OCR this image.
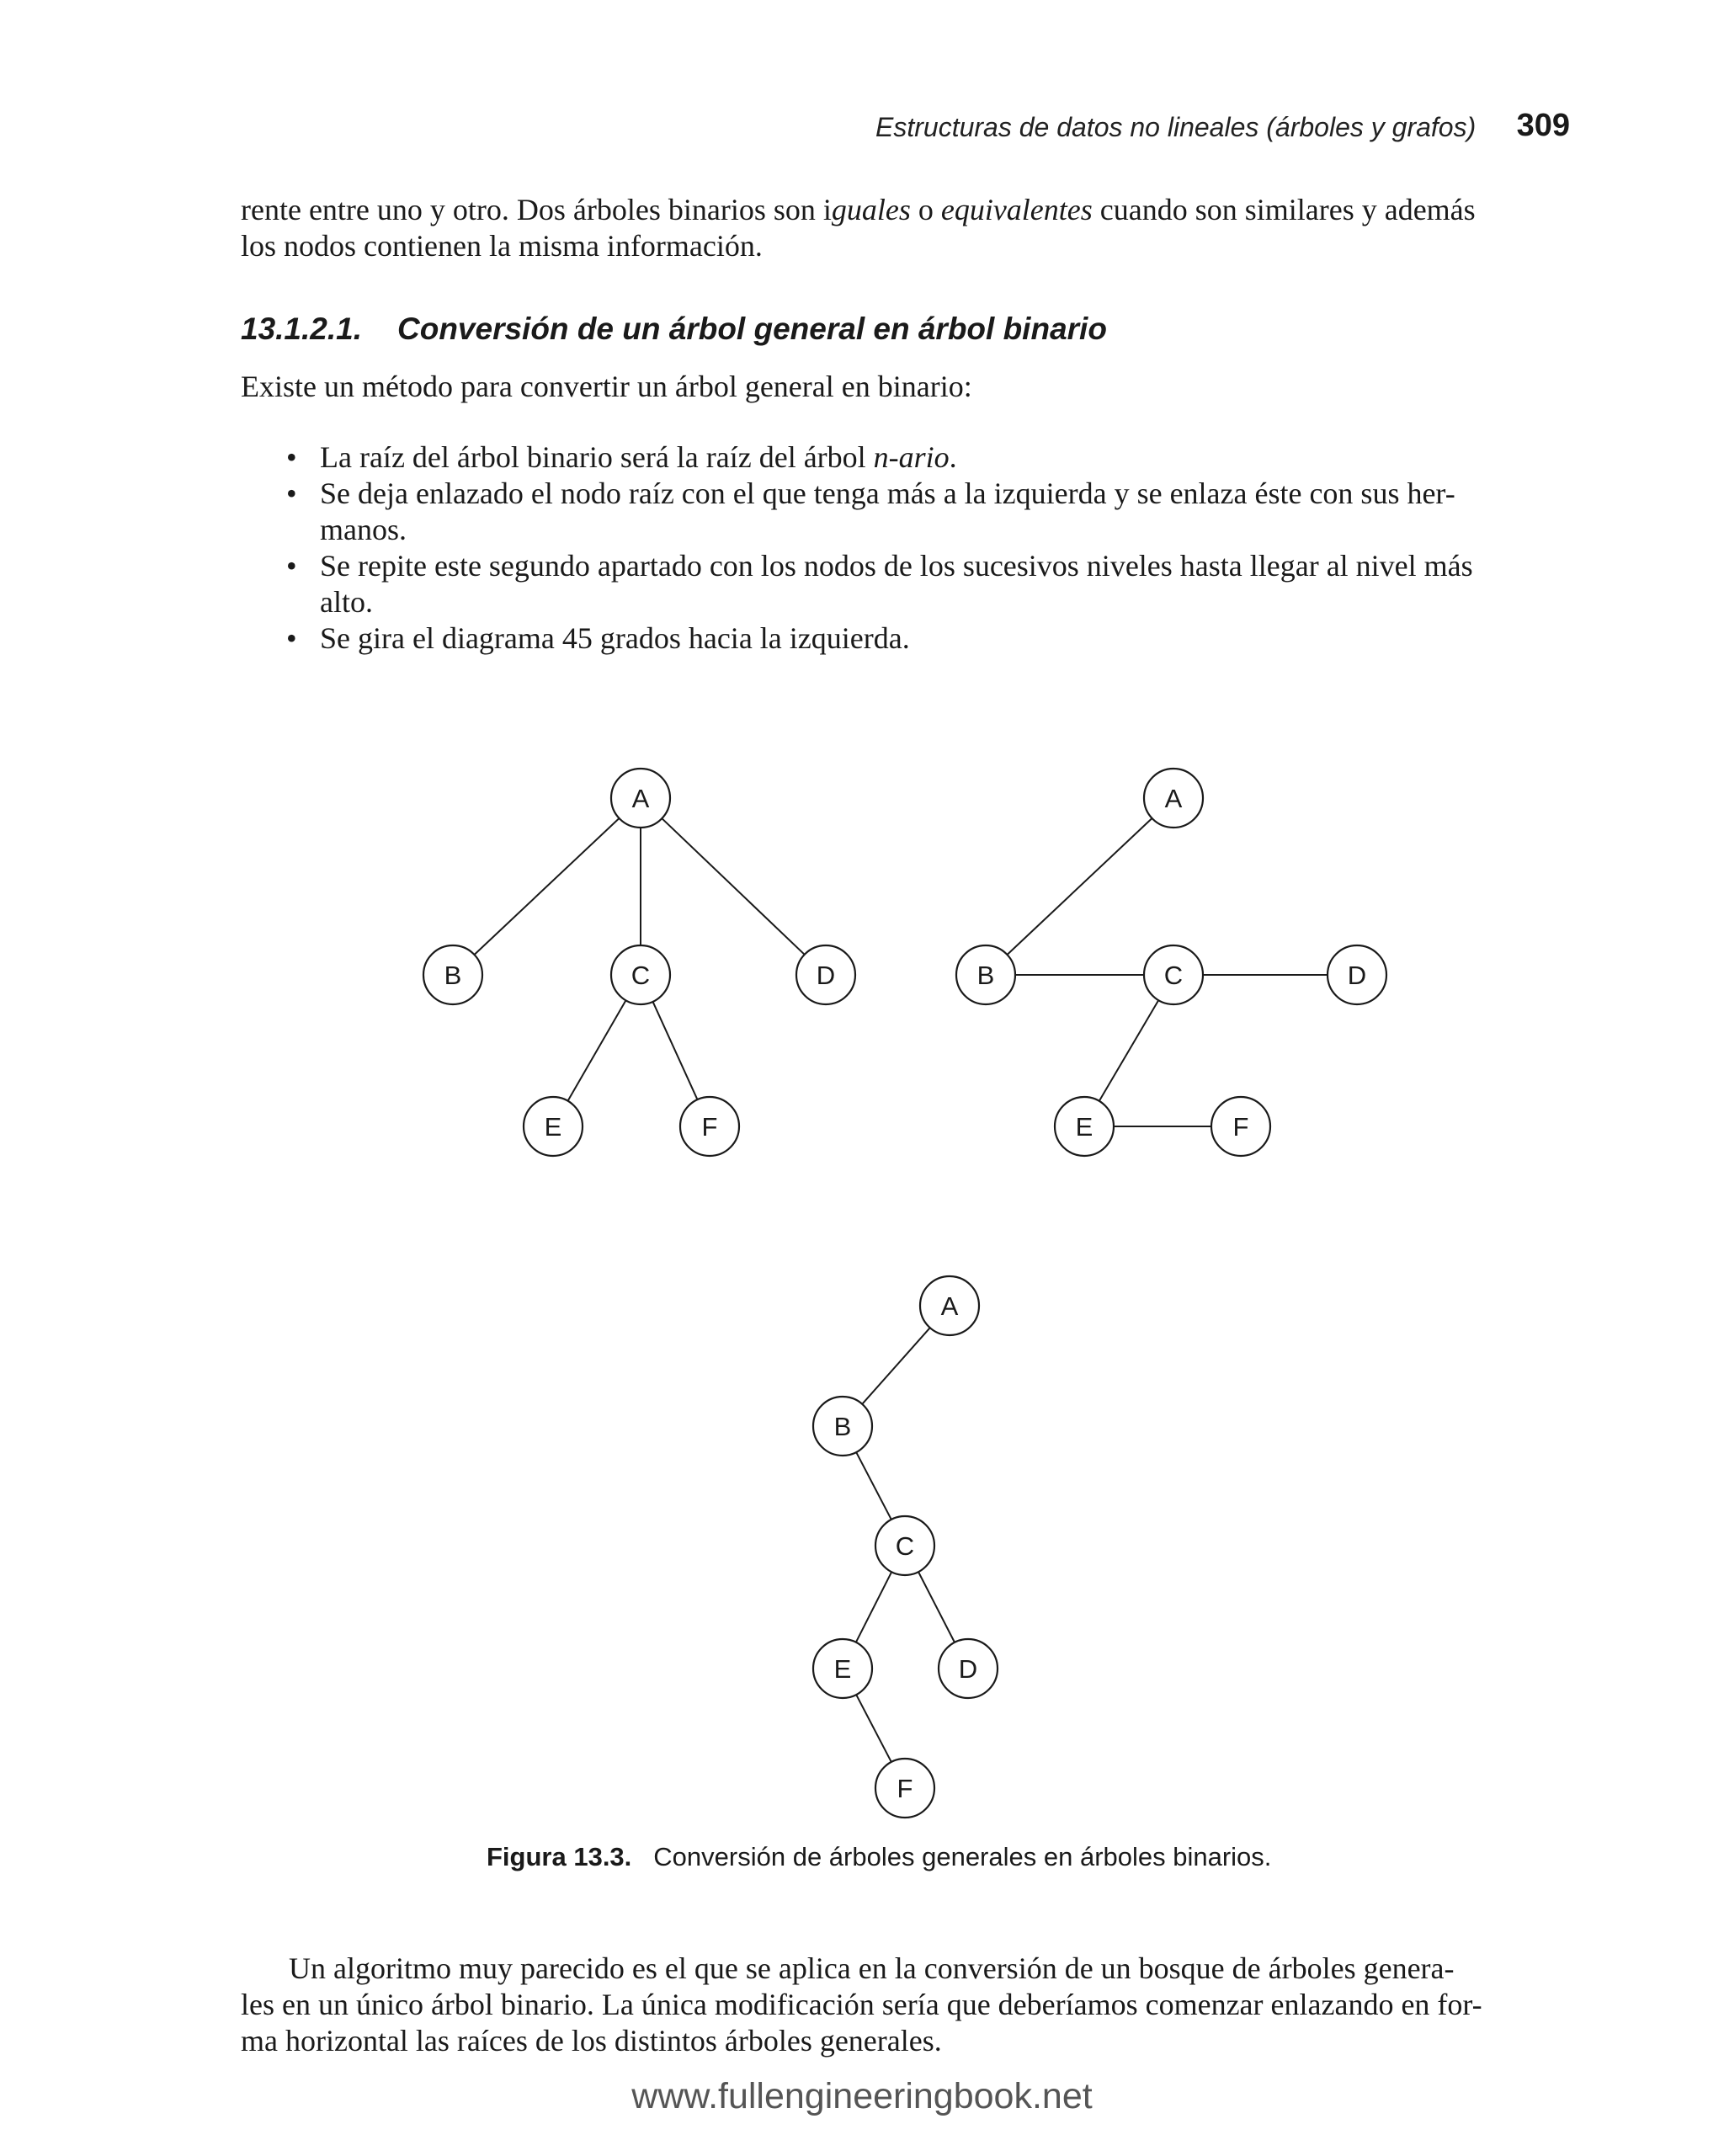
Estructuras de datos no lineales (árboles y grafos) 309
rente entre uno y otro. Dos árboles binarios son iguales o equivalentes cuando son similares y además
los nodos contienen la misma información.
13.1.2.1. Conversión de un árbol general en árbol binario
Existe un método para convertir un árbol general en binario:
• La raíz del árbol binario será la raíz del árbol n-ario.
• Se deja enlazado el nodo raíz con el que tenga más a la izquierda y se enlaza éste con sus her-
manos.
• Se repite este segundo apartado con los nodos de los sucesivos niveles hasta llegar al nivel más
alto.
• Se gira el diagrama 45 grados hacia la izquierda.
A
B	C	D
E	F
A
B	C	D
E	F
A
B
C
E	D
F
Figura 13.3. Conversión de árboles generales en árboles binarios.
Un algoritmo muy parecido es el que se aplica en la conversión de un bosque de árboles genera-
les en un único árbol binario. La única modificación sería que deberíamos comenzar enlazando en for-
ma horizontal las raíces de los distintos árboles generales.
www.fullengineeringbook.net
